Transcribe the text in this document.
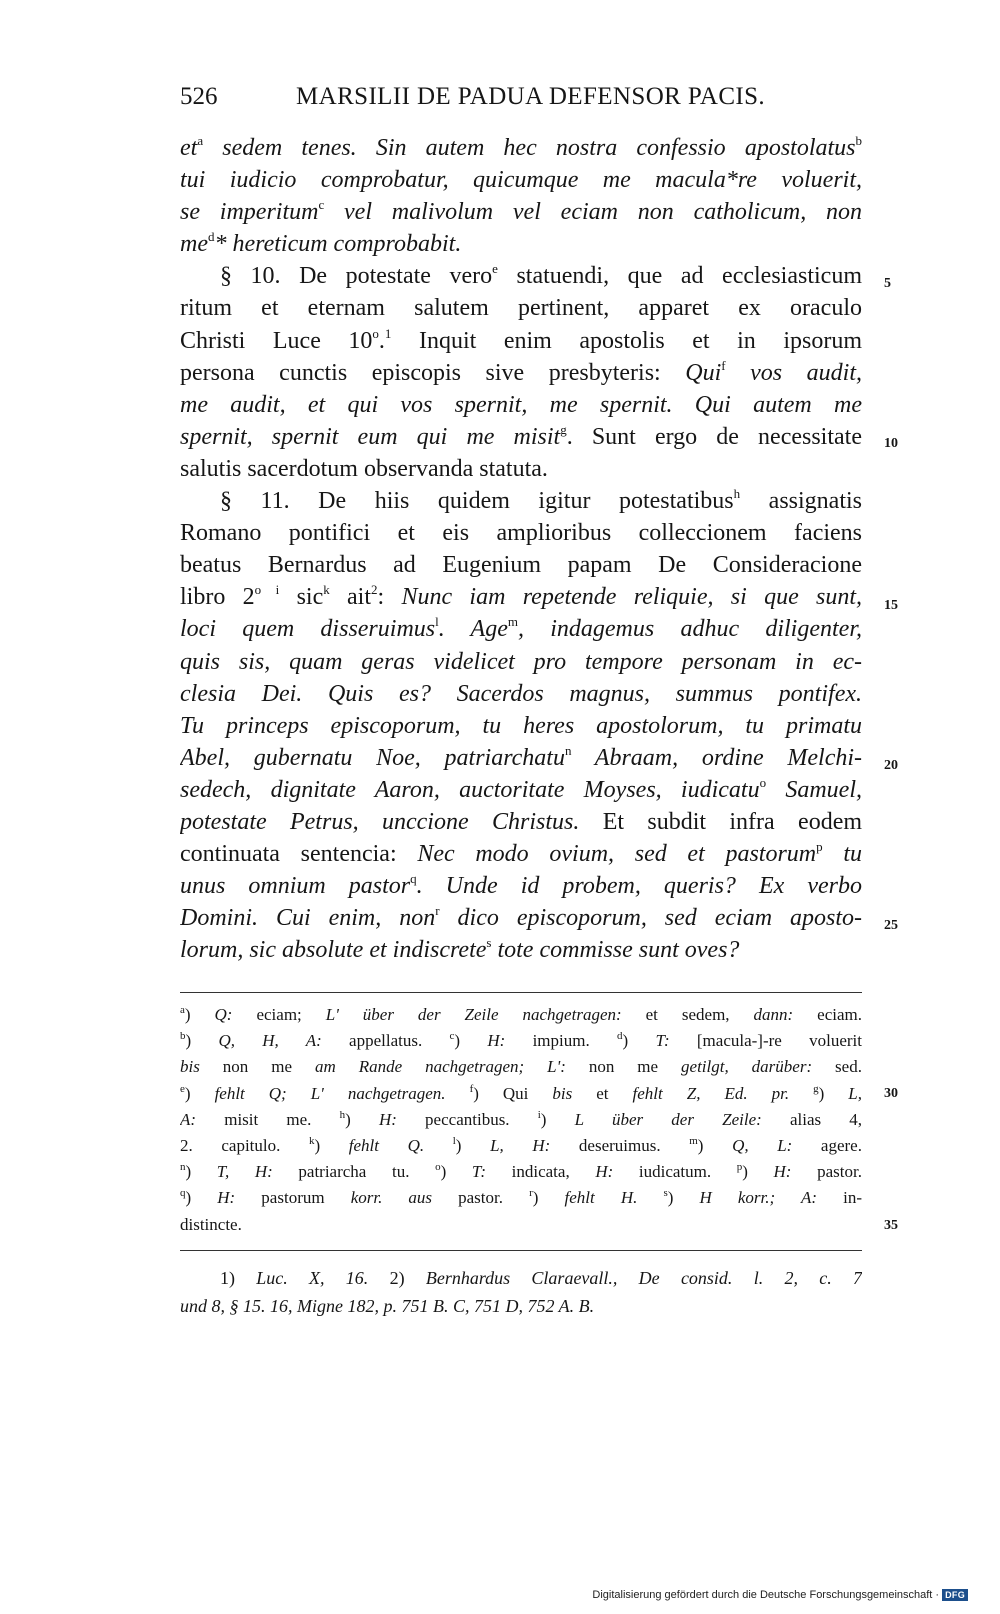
526	MARSILII DE PADUA DEFENSOR PACIS.
$et^a$ sedem tenes. Sin autem hec nostra confessio apostolatus$^b$
tui iudicio comprobatur, quicumque me macula*re voluerit,
se imperitum$^c$ vel malivolum vel eciam non catholicum, non
$me^d*$ hereticum comprobabit.
§ 10. De potestate vero$^e$ statuendi, que ad ecclesiasticum
ritum et eternam salutem pertinent, apparet ex oraculo
Christi Luce 10$^o$.$^1$ Inquit enim apostolis et in ipsorum
persona cunctis episcopis sive presbyteris: Qui$^f$ vos audit,
me audit, et qui vos spernit, me spernit. Qui autem me
spernit, spernit eum qui me misit$^g$. Sunt ergo de necessitate
salutis sacerdotum observanda statuta.
§ 11. De hiis quidem igitur potestatibus$^h$ assignatis
Romano pontifici et eis amplioribus colleccionem faciens
beatus Bernardus ad Eugenium papam De Consideracione
libro $2^{o i}$ sic$^k$ ait$^2$: Nunc iam repetende reliquie, si que sunt,
loci quem disseruimus$^l$. Age$^m$, indagemus adhuc diligenter,
quis sis, quam geras videlicet pro tempore personam in ec-
clesia Dei. Quis es? Sacerdos magnus, summus pontifex.
Tu princeps episcoporum, tu heres apostolorum, tu primatu
Abel, gubernatu Noe, patriarchatu$^n$ Abraam, ordine Melchi-
sedech, dignitate Aaron, auctoritate Moyses, iudicatu$^o$ Samuel,
potestate Petrus, unccione Christus. Et subdit infra eodem
continuata sentencia: Nec modo ovium, sed et pastorum$^p$ tu
unus omnium pastor$^q$. Unde id probem, queris? Ex verbo
Domini. Cui enim, non$^r$ dico episcoporum, sed eciam aposto-
lorum, sic absolute et indiscrete$^s$ tote commisse sunt oves?
5
10
15
20
25
30
35
$^a$) Q: eciam; L' über der Zeile nachgetragen: et sedem, dann: eciam.
$^b$) Q, H, A: appellatus. $^c$) H: impium. $^d$) T: [macula-]-re voluerit
bis non me am Rande nachgetragen; L': non me getilgt, darüber: sed.
$^e$) fehlt Q; L' nachgetragen. $^f$) Qui bis et fehlt Z, Ed. pr. $^g$) L,
A: misit me. $^h$) H: peccantibus. $^i$) L über der Zeile: alias 4,
2. capitulo. $^k$) fehlt Q.	$^l$) L, H: deseruimus. $^m$) Q, L: agere.
$^n$) T, H: patriarcha tu. $^o$) T: indicata, H: iudicatum. $^p$) H: pastor.
$^q$) H: pastorum korr. aus pastor. $^r$) fehlt H. $^s$) H korr.; A: in-
distincte.
1) Luc. X, 16. 2) Bernhardus Claraevall., De consid. l. 2, c. 7
und 8, § 15. 16, Migne 182, p. 751 B. C, 751 D, 752 A. B.
Digitalisierung gefördert durch die Deutsche Forschungsgemeinschaft · DFG
